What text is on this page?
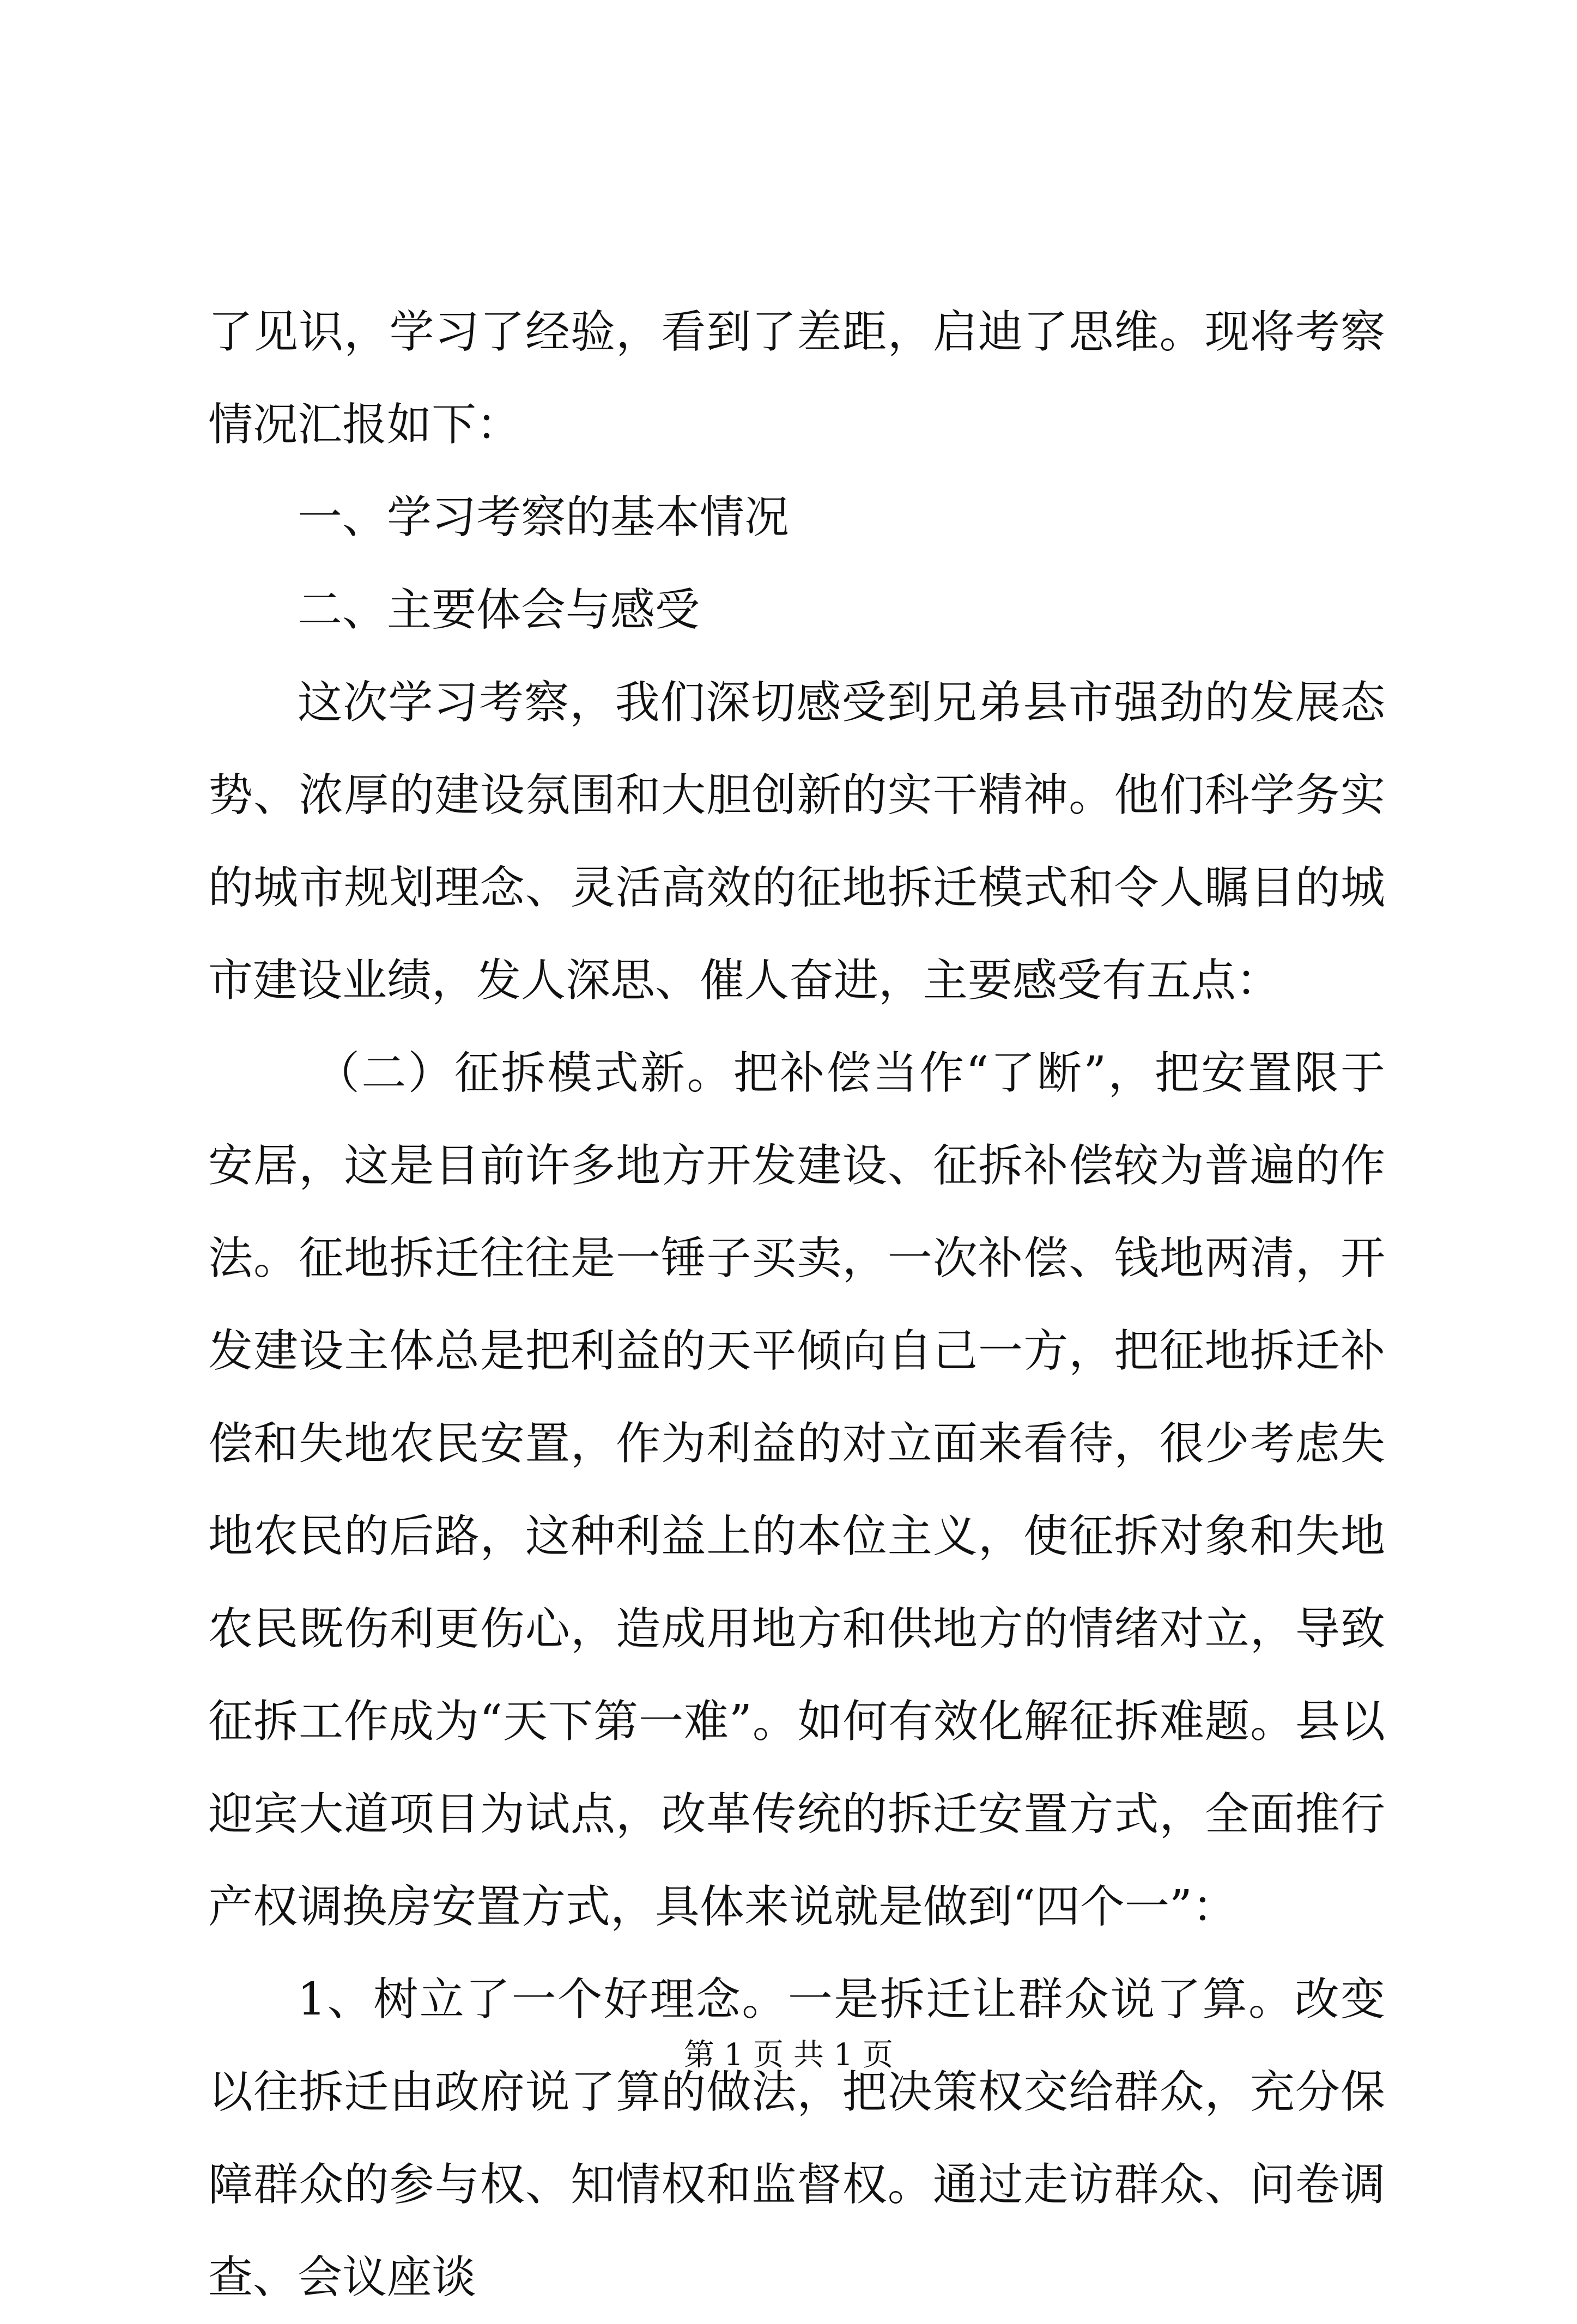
了见识，学习了经验，看到了差距，启迪了思维。现将考察情况汇报如下：

一、学习考察的基本情况

二、主要体会与感受

这次学习考察，我们深切感受到兄弟县市强劲的发展态势、浓厚的建设氛围和大胆创新的实干精神。他们科学务实的城市规划理念、灵活高效的征地拆迁模式和令人瞩目的城市建设业绩，发人深思、催人奋进，主要感受有五点：

（二）征拆模式新。把补偿当作“了断”，把安置限于安居，这是目前许多地方开发建设、征拆补偿较为普遍的作法。征地拆迁往往是一锤子买卖，一次补偿、钱地两清，开发建设主体总是把利益的天平倾向自己一方，把征地拆迁补偿和失地农民安置，作为利益的对立面来看待，很少考虑失地农民的后路，这种利益上的本位主义，使征拆对象和失地农民既伤利更伤心，造成用地方和供地方的情绪对立，导致征拆工作成为“天下第一难”。如何有效化解征拆难题。县以迎宾大道项目为试点，改革传统的拆迁安置方式，全面推行产权调换房安置方式，具体来说就是做到“四个一”：

1、树立了一个好理念。一是拆迁让群众说了算。改变以往拆迁由政府说了算的做法，把决策权交给群众，充分保障群众的参与权、知情权和监督权。通过走访群众、问卷调查、会议座谈

第 1 页 共 1 页
